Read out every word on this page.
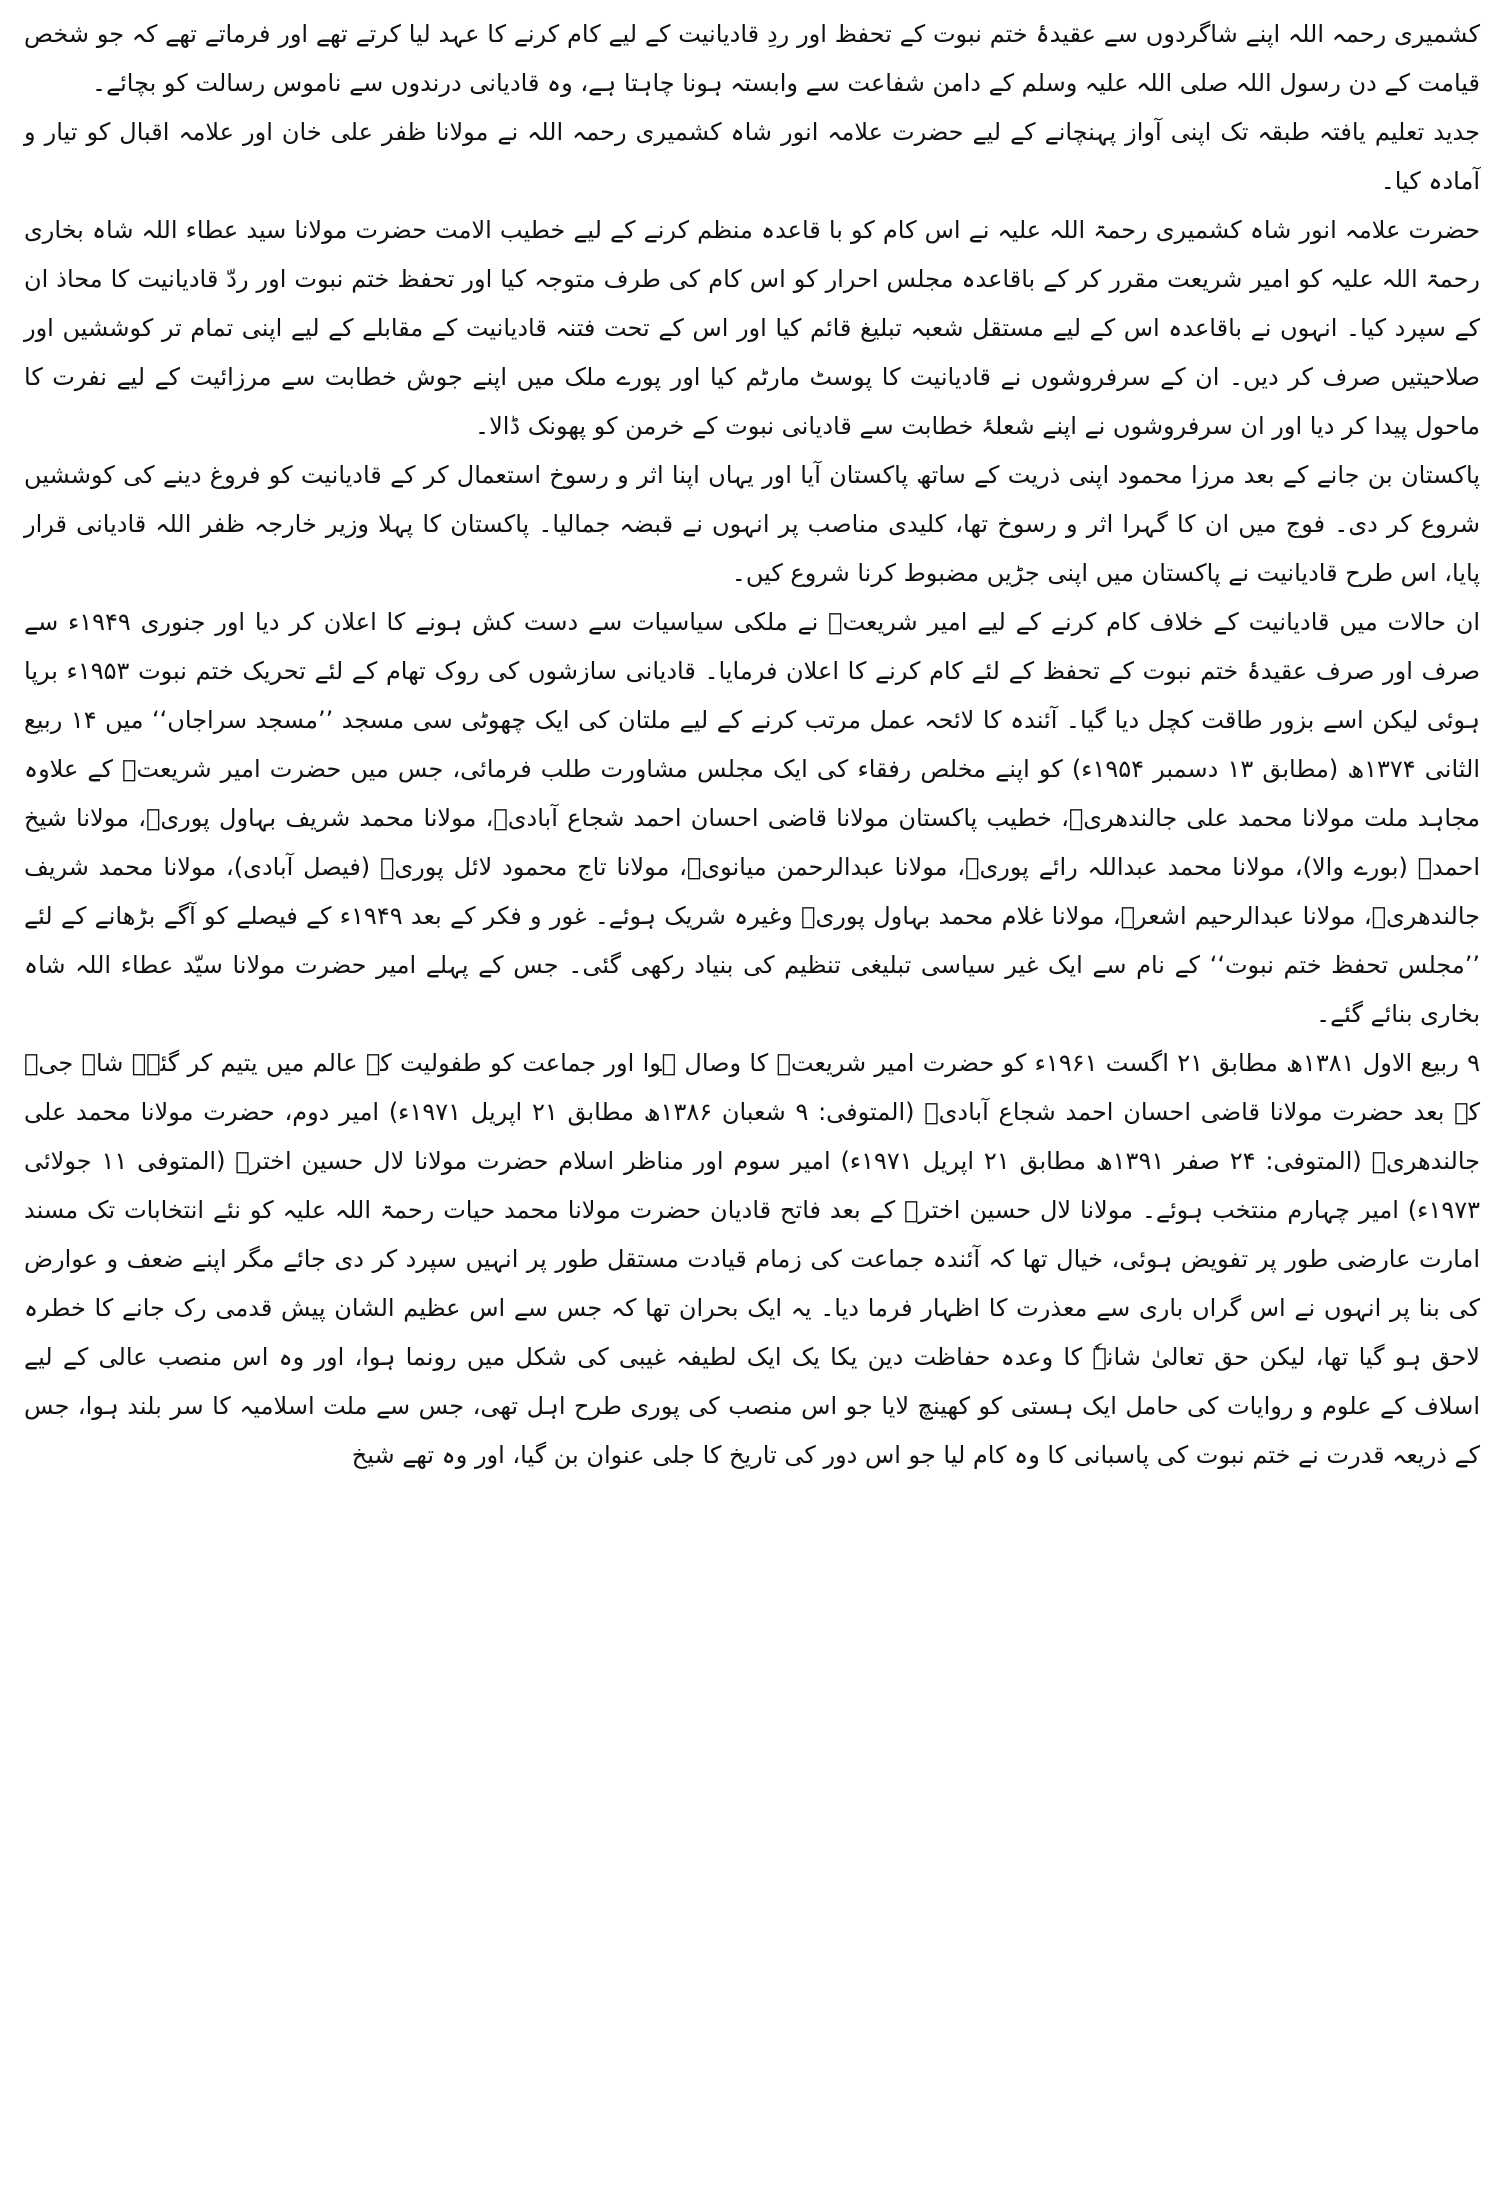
کشمیری رحمہ اللہ اپنے شاگردوں سے عقیدۂ ختم نبوت کے تحفظ اور ردِ قادیانیت کے لیے کام کرنے کا عہد لیا کرتے تھے اور فرماتے تھے کہ جو شخص قیامت کے دن رسول اللہ صلی اللہ علیہ وسلم کے دامن شفاعت سے وابستہ ہونا چاہتا ہے، وہ قادیانی درندوں سے ناموس رسالت کو بچائے۔

جدید تعلیم یافتہ طبقہ تک اپنی آواز پہنچانے کے لیے حضرت علامہ انور شاہ کشمیری رحمہ اللہ نے مولانا ظفر علی خان اور علامہ اقبال کو تیار و آمادہ کیا۔

حضرت علامہ انور شاہ کشمیری رحمۃ اللہ علیہ نے اس کام کو با قاعدہ منظم کرنے کے لیے خطیب الامت حضرت مولانا سید عطاء اللہ شاہ بخاری رحمۃ اللہ علیہ کو امیر شریعت مقرر کر کے باقاعدہ مجلس احرار کو اس کام کی طرف متوجہ کیا اور تحفظ ختم نبوت اور ردّ قادیانیت کا محاذ ان کے سپرد کیا۔ انہوں نے باقاعدہ اس کے لیے مستقل شعبہ تبلیغ قائم کیا اور اس کے تحت فتنہ قادیانیت کے مقابلے کے لیے اپنی تمام تر کوششیں اور صلاحیتیں صرف کر دیں۔ ان کے سرفروشوں نے قادیانیت کا پوسٹ مارٹم کیا اور پورے ملک میں اپنے جوش خطابت سے مرزائیت کے لیے نفرت کا ماحول پیدا کر دیا اور ان سرفروشوں نے اپنے شعلۂ خطابت سے قادیانی نبوت کے خرمن کو پھونک ڈالا۔

پاکستان بن جانے کے بعد مرزا محمود اپنی ذریت کے ساتھ پاکستان آیا اور یہاں اپنا اثر و رسوخ استعمال کر کے قادیانیت کو فروغ دینے کی کوششیں شروع کر دی۔ فوج میں ان کا گہرا اثر و رسوخ تھا، کلیدی مناصب پر انہوں نے قبضہ جمالیا۔ پاکستان کا پہلا وزیر خارجہ ظفر اللہ قادیانی قرار پایا، اس طرح قادیانیت نے پاکستان میں اپنی جڑیں مضبوط کرنا شروع کیں۔

ان حالات میں قادیانیت کے خلاف کام کرنے کے لیے امیر شریعتؒ نے ملکی سیاسیات سے دست کش ہونے کا اعلان کر دیا اور جنوری ۱۹۴۹ء سے صرف اور صرف عقیدۂ ختم نبوت کے تحفظ کے لئے کام کرنے کا اعلان فرمایا۔ قادیانی سازشوں کی روک تھام کے لئے تحریک ختم نبوت ۱۹۵۳ء برپا ہوئی لیکن اسے بزور طاقت کچل دیا گیا۔ آئندہ کا لائحہ عمل مرتب کرنے کے لیے ملتان کی ایک چھوٹی سی مسجد ’’مسجد سراجاں‘‘ میں ۱۴ ربیع الثانی ۱۳۷۴ھ (مطابق ۱۳ دسمبر ۱۹۵۴ء) کو اپنے مخلص رفقاء کی ایک مجلس مشاورت طلب فرمائی، جس میں حضرت امیر شریعتؒ کے علاوہ مجاہد ملت مولانا محمد علی جالندھریؒ، خطیب پاکستان مولانا قاضی احسان احمد شجاع آبادیؒ، مولانا محمد شریف بہاول پوریؒ، مولانا شیخ احمدؒ (بورے والا)، مولانا محمد عبداللہ رائے پوریؒ، مولانا عبدالرحمن میانویؒ، مولانا تاج محمود لائل پوریؒ (فیصل آبادی)، مولانا محمد شریف جالندھریؒ، مولانا عبدالرحیم اشعرؒ، مولانا غلام محمد بہاول پوریؒ وغیرہ شریک ہوئے۔ غور و فکر کے بعد ۱۹۴۹ء کے فیصلے کو آگے بڑھانے کے لئے ’’مجلس تحفظ ختم نبوت‘‘ کے نام سے ایک غیر سیاسی تبلیغی تنظیم کی بنیاد رکھی گئی۔ جس کے پہلے امیر حضرت مولانا سیّد عطاء اللہ شاہ بخاری بنائے گئے۔

۹ ربیع الاول ۱۳۸۱ھ مطابق ۲۱ اگست ۱۹۶۱ء کو حضرت امیر شریعتؒ کا وصال ہوا اور جماعت کو طفولیت کے عالم میں یتیم کر گئے۔ شاہ جیؒ کے بعد حضرت مولانا قاضی احسان احمد شجاع آبادیؒ (المتوفی: ۹ شعبان ۱۳۸۶ھ مطابق ۲۱ اپریل ۱۹۷۱ء) امیر دوم، حضرت مولانا محمد علی جالندھریؒ (المتوفی: ۲۴ صفر ۱۳۹۱ھ مطابق ۲۱ اپریل ۱۹۷۱ء) امیر سوم اور مناظر اسلام حضرت مولانا لال حسین اخترؒ (المتوفی ۱۱ جولائی ۱۹۷۳ء) امیر چہارم منتخب ہوئے۔ مولانا لال حسین اخترؒ کے بعد فاتح قادیان حضرت مولانا محمد حیات رحمۃ اللہ علیہ کو نئے انتخابات تک مسند امارت عارضی طور پر تفویض ہوئی، خیال تھا کہ آئندہ جماعت کی زمام قیادت مستقل طور پر انہیں سپرد کر دی جائے مگر اپنے ضعف و عوارض کی بنا پر انہوں نے اس گراں باری سے معذرت کا اظہار فرما دیا۔ یہ ایک بحران تھا کہ جس سے اس عظیم الشان پیش قدمی رک جانے کا خطرہ لاحق ہو گیا تھا، لیکن حق تعالیٰ شانہٗ کا وعدہ حفاظت دین یکا یک ایک لطیفہ غیبی کی شکل میں رونما ہوا، اور وہ اس منصب عالی کے لیے اسلاف کے علوم و روایات کی حامل ایک ہستی کو کھینچ لایا جو اس منصب کی پوری طرح اہل تھی، جس سے ملت اسلامیہ کا سر بلند ہوا، جس کے ذریعہ قدرت نے ختم نبوت کی پاسبانی کا وہ کام لیا جو اس دور کی تاریخ کا جلی عنوان بن گیا، اور وہ تھے شیخ
